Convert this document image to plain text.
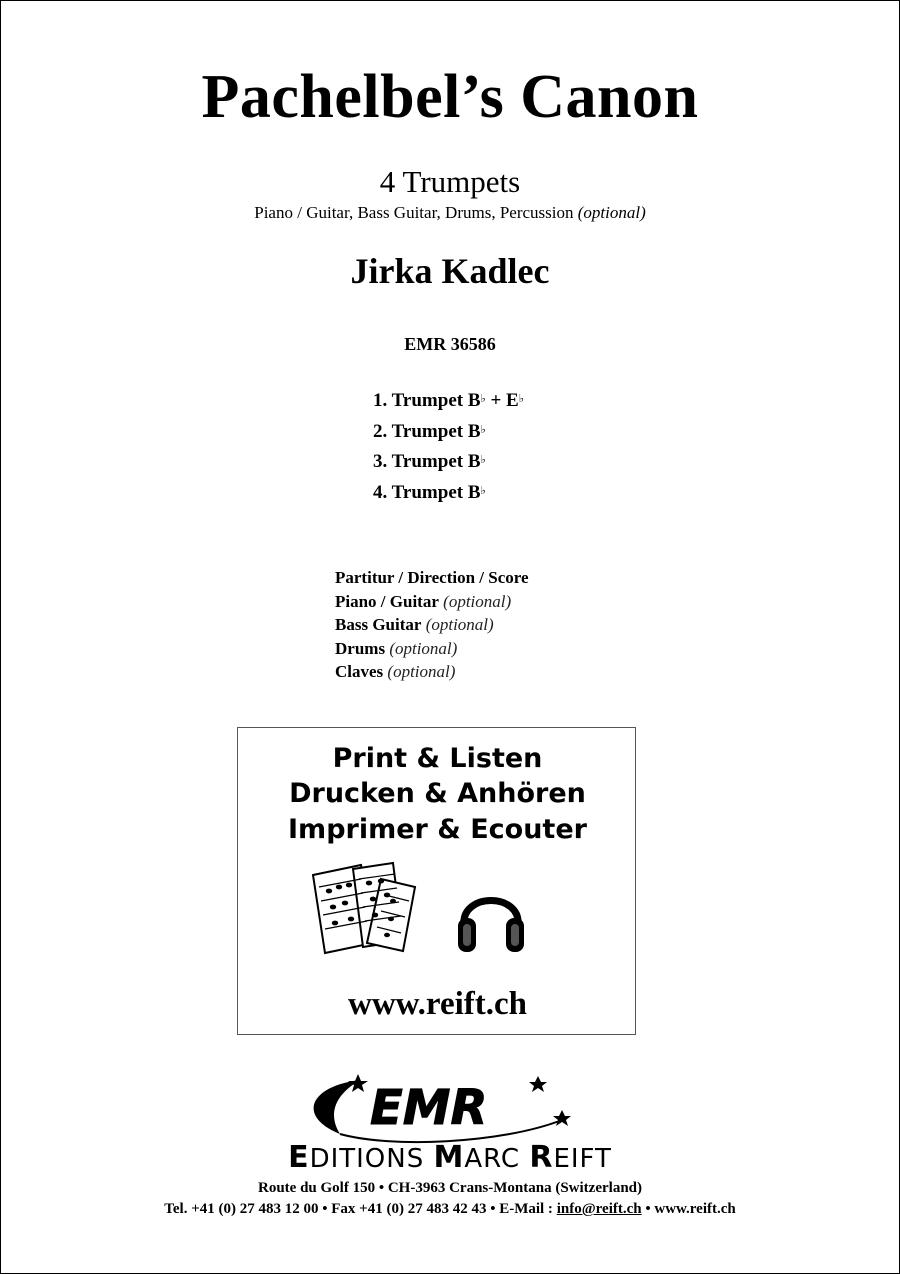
Pachelbel’s Canon
4 Trumpets
Piano / Guitar, Bass Guitar, Drums, Percussion (optional)
Jirka Kadlec
EMR 36586
1. Trumpet B♭ + E♭
2. Trumpet B♭
3. Trumpet B♭
4. Trumpet B♭
Partitur / Direction / Score
Piano / Guitar (optional)
Bass Guitar (optional)
Drums (optional)
Claves (optional)
Print & Listen
Drucken & Anhören
Imprimer & Ecouter
www.reift.ch
EMR
EDITIONS MARC REIFT
Route du Golf 150 • CH-3963 Crans-Montana (Switzerland)
Tel. +41 (0) 27 483 12 00 • Fax +41 (0) 27 483 42 43 • E-Mail : info@reift.ch • www.reift.ch
